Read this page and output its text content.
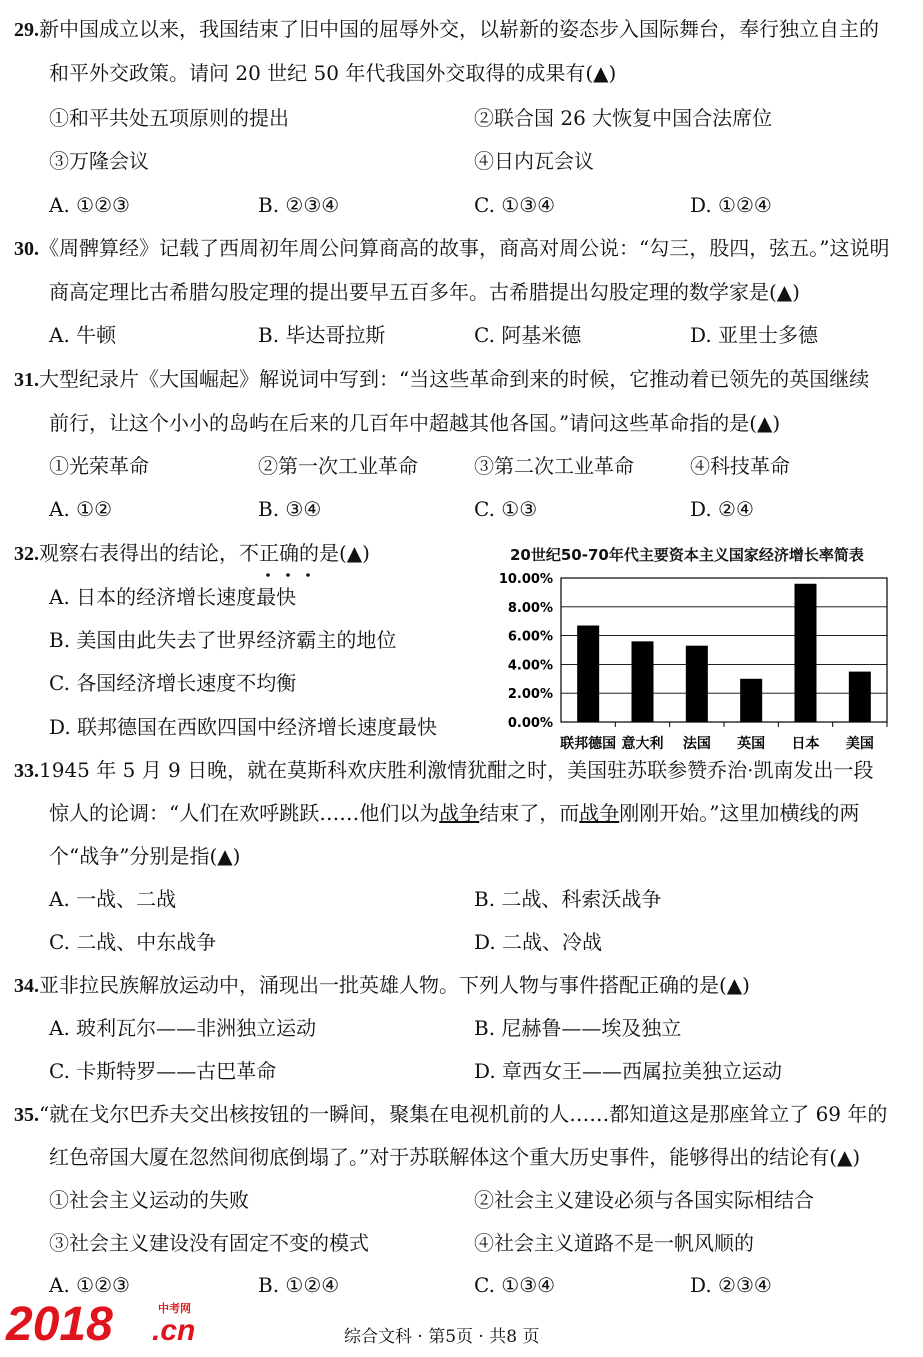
29.新中国成立以来，我国结束了旧中国的屈辱外交，以崭新的姿态步入国际舞台，奉行独立自主的
和平外交政策。请问 20 世纪 50 年代我国外交取得的成果有(▲)
①和平共处五项原则的提出	②联合国 26 大恢复中国合法席位
③万隆会议	④日内瓦会议
A. ①②③	B. ②③④	C. ①③④	D. ①②④
30.《周髀算经》记载了西周初年周公问算商高的故事，商高对周公说：“勾三，股四，弦五。”这说明
商高定理比古希腊勾股定理的提出要早五百多年。古希腊提出勾股定理的数学家是(▲)
A. 牛顿	B. 毕达哥拉斯	C. 阿基米德	D. 亚里士多德
31.大型纪录片《大国崛起》解说词中写到：“当这些革命到来的时候，它推动着已领先的英国继续
前行，让这个小小的岛屿在后来的几百年中超越其他各国。”请问这些革命指的是(▲)
①光荣革命	②第一次工业革命	③第二次工业革命	④科技革命
A. ①②	B. ③④	C. ①③	D. ②④
32.观察右表得出的结论，不正确的是(▲)
A. 日本的经济增长速度最快
B. 美国由此失去了世界经济霸主的地位
C. 各国经济增长速度不均衡
D. 联邦德国在西欧四国中经济增长速度最快
20世纪50-70年代主要资本主义国家经济增长率简表
0.00%
2.00%
4.00%
6.00%
8.00%
10.00%
联邦德国 意大利 法国 英国 日本 美国
33.1945 年 5 月 9 日晚，就在莫斯科欢庆胜利激情犹酣之时，美国驻苏联参赞乔治·凯南发出一段
惊人的论调：“人们在欢呼跳跃……他们以为战争结束了，而战争刚刚开始。”这里加横线的两
个“战争”分别是指(▲)
A. 一战、二战	B. 二战、科索沃战争
C. 二战、中东战争	D. 二战、冷战
34.亚非拉民族解放运动中，涌现出一批英雄人物。下列人物与事件搭配正确的是(▲)
A. 玻利瓦尔——非洲独立运动	B. 尼赫鲁——埃及独立
C. 卡斯特罗——古巴革命	D. 章西女王——西属拉美独立运动
35.“就在戈尔巴乔夫交出核按钮的一瞬间，聚集在电视机前的人……都知道这是那座耸立了 69 年的
红色帝国大厦在忽然间彻底倒塌了。”对于苏联解体这个重大历史事件，能够得出的结论有(▲)
①社会主义运动的失败	②社会主义建设必须与各国实际相结合
③社会主义建设没有固定不变的模式	④社会主义道路不是一帆风顺的
A. ①②③	B. ①②④	C. ①③④	D. ②③④
2018	中考网
.cn	综合文科 · 第5页 · 共8 页
